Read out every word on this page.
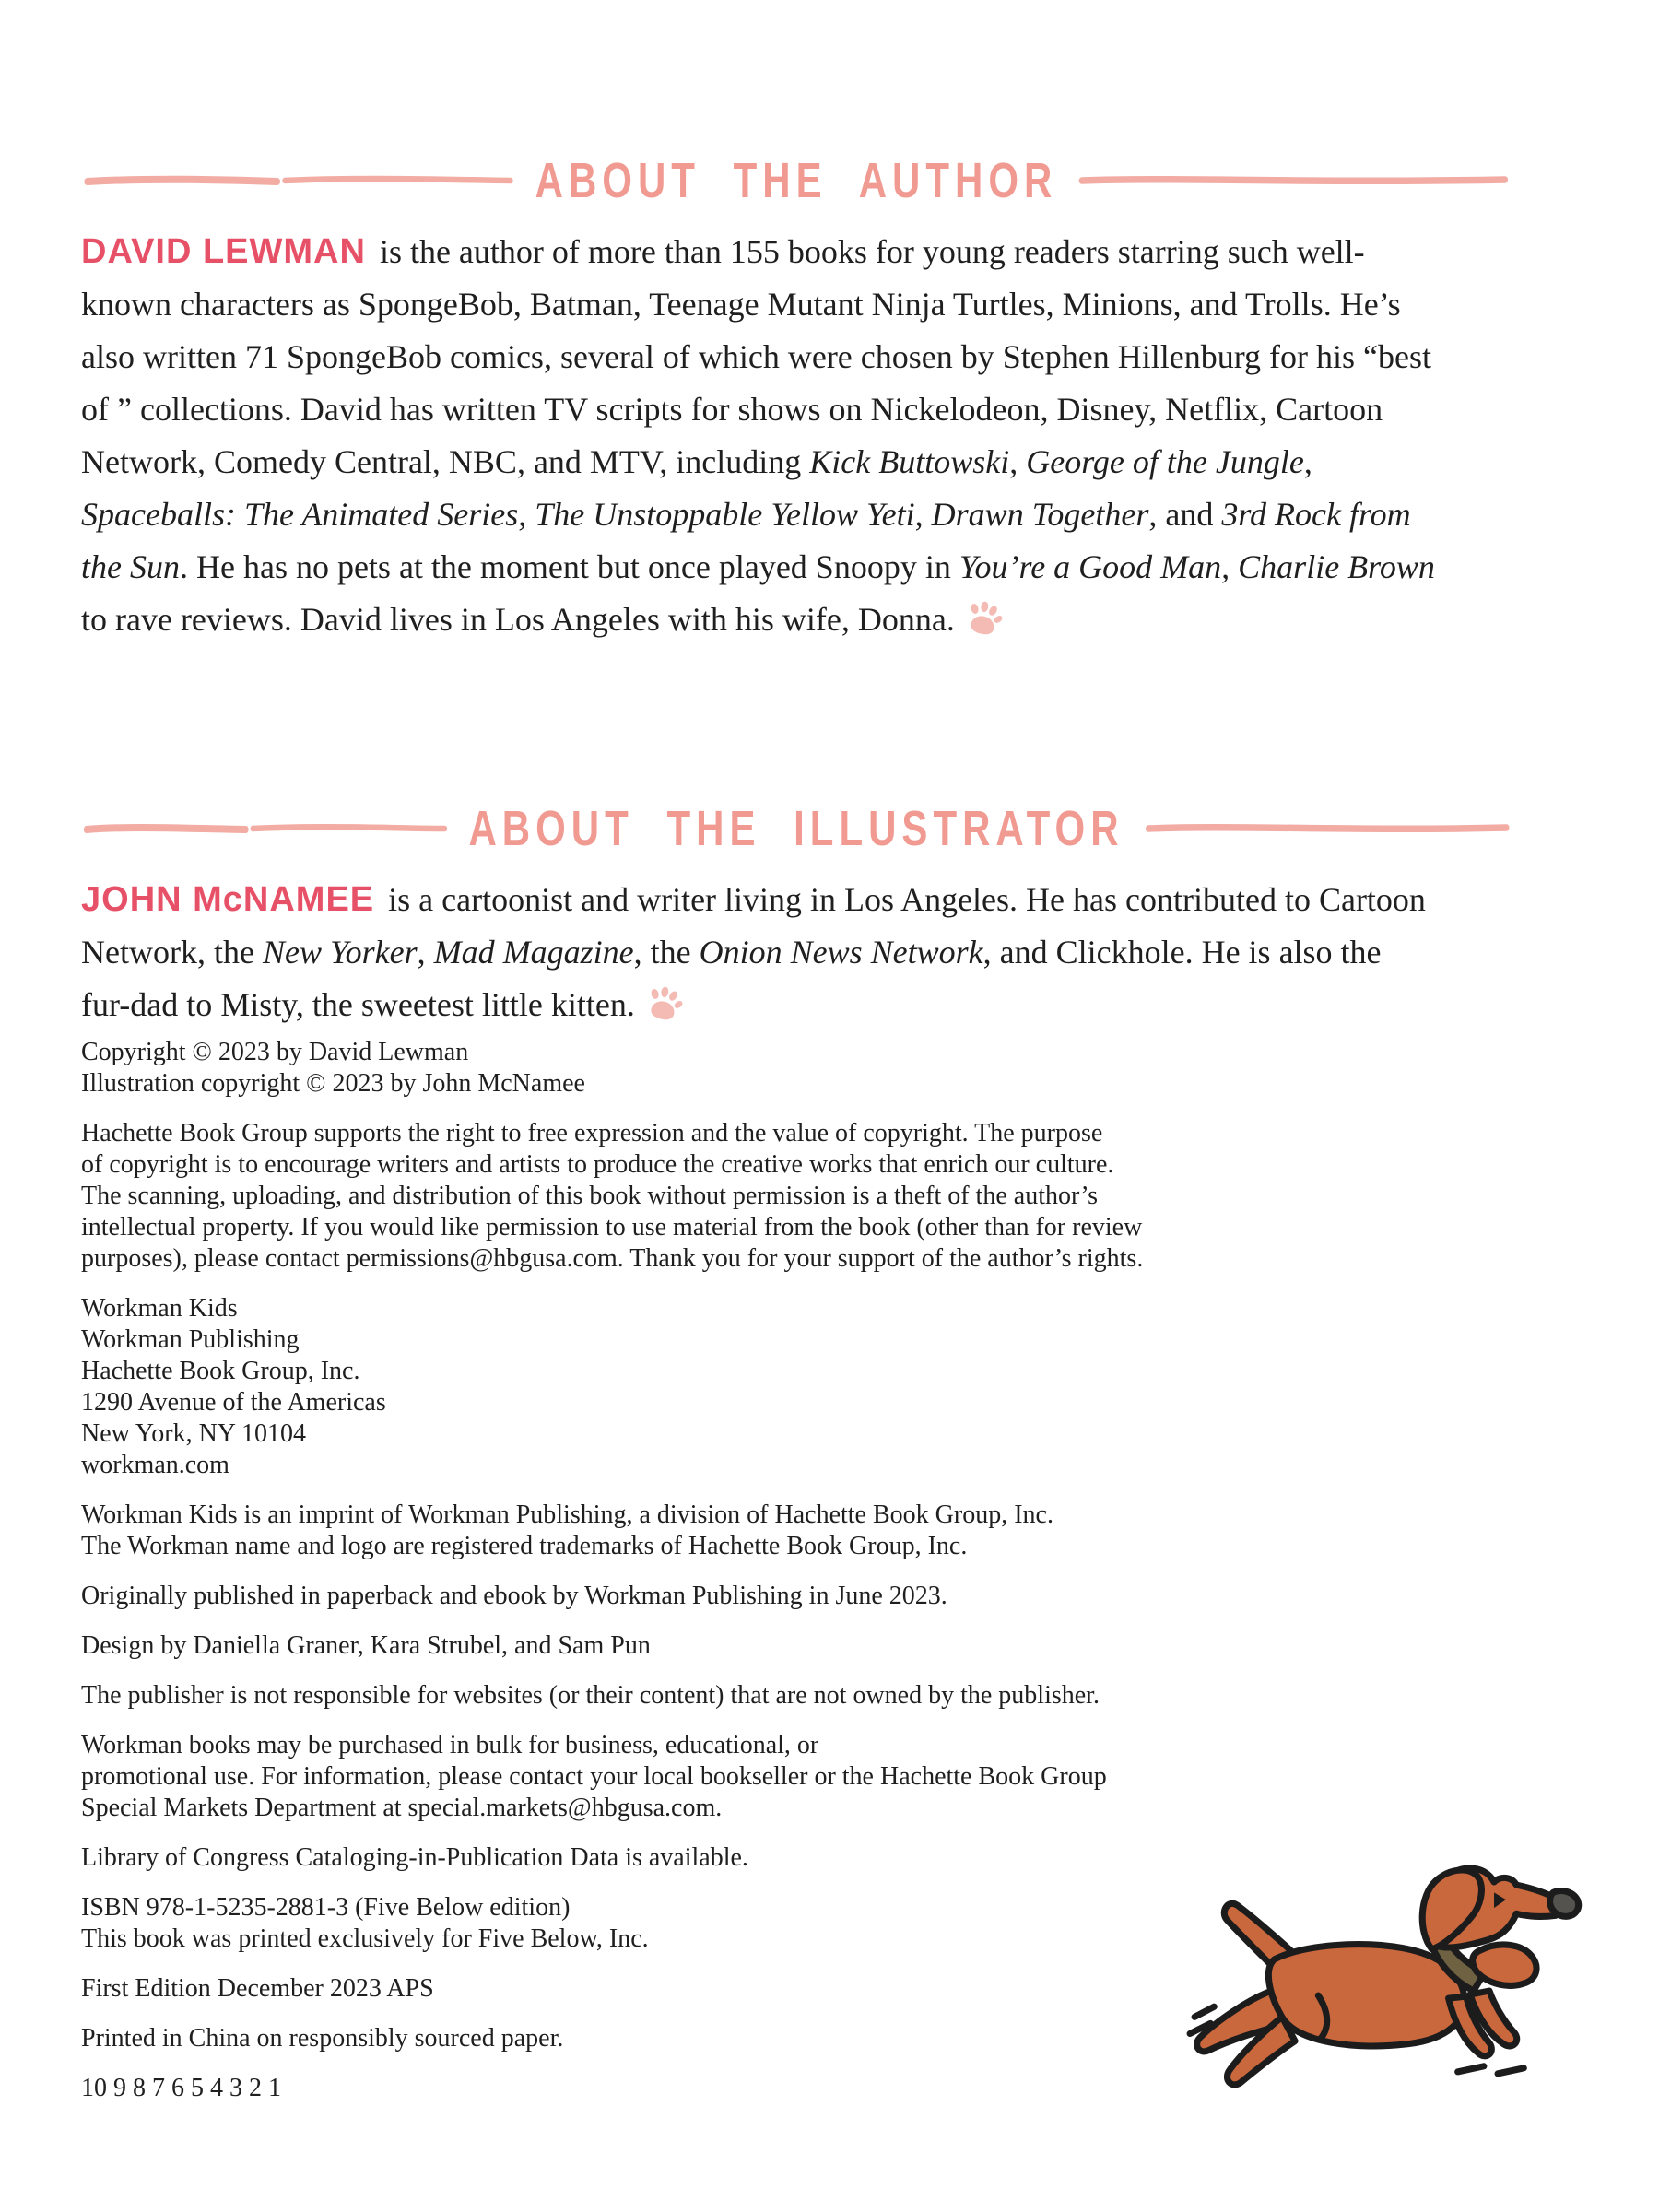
ABOUT THE AUTHOR

DAVID LEWMAN is the author of more than 155 books for young readers starring such well-known characters as SpongeBob, Batman, Teenage Mutant Ninja Turtles, Minions, and Trolls. He’s also written 71 SpongeBob comics, several of which were chosen by Stephen Hillenburg for his “best of ” collections. David has written TV scripts for shows on Nickelodeon, Disney, Netflix, Cartoon Network, Comedy Central, NBC, and MTV, including Kick Buttowski, George of the Jungle, Spaceballs: The Animated Series, The Unstoppable Yellow Yeti, Drawn Together, and 3rd Rock from the Sun. He has no pets at the moment but once played Snoopy in You’re a Good Man, Charlie Brown to rave reviews. David lives in Los Angeles with his wife, Donna.

ABOUT THE ILLUSTRATOR

JOHN McNAMEE is a cartoonist and writer living in Los Angeles. He has contributed to Cartoon Network, the New Yorker, Mad Magazine, the Onion News Network, and Clickhole. He is also the fur-dad to Misty, the sweetest little kitten.

Copyright © 2023 by David Lewman
Illustration copyright © 2023 by John McNamee

Hachette Book Group supports the right to free expression and the value of copyright. The purpose
of copyright is to encourage writers and artists to produce the creative works that enrich our culture.
The scanning, uploading, and distribution of this book without permission is a theft of the author’s
intellectual property. If you would like permission to use material from the book (other than for review
purposes), please contact permissions@hbgusa.com. Thank you for your support of the author’s rights.

Workman Kids
Workman Publishing
Hachette Book Group, Inc.
1290 Avenue of the Americas
New York, NY 10104
workman.com

Workman Kids is an imprint of Workman Publishing, a division of Hachette Book Group, Inc.
The Workman name and logo are registered trademarks of Hachette Book Group, Inc.

Originally published in paperback and ebook by Workman Publishing in June 2023.

Design by Daniella Graner, Kara Strubel, and Sam Pun

The publisher is not responsible for websites (or their content) that are not owned by the publisher.

Workman books may be purchased in bulk for business, educational, or
promotional use. For information, please contact your local bookseller or the Hachette Book Group
Special Markets Department at special.markets@hbgusa.com.

Library of Congress Cataloging-in-Publication Data is available.

ISBN 978-1-5235-2881-3 (Five Below edition)
This book was printed exclusively for Five Below, Inc.

First Edition December 2023 APS

Printed in China on responsibly sourced paper.

10 9 8 7 6 5 4 3 2 1
